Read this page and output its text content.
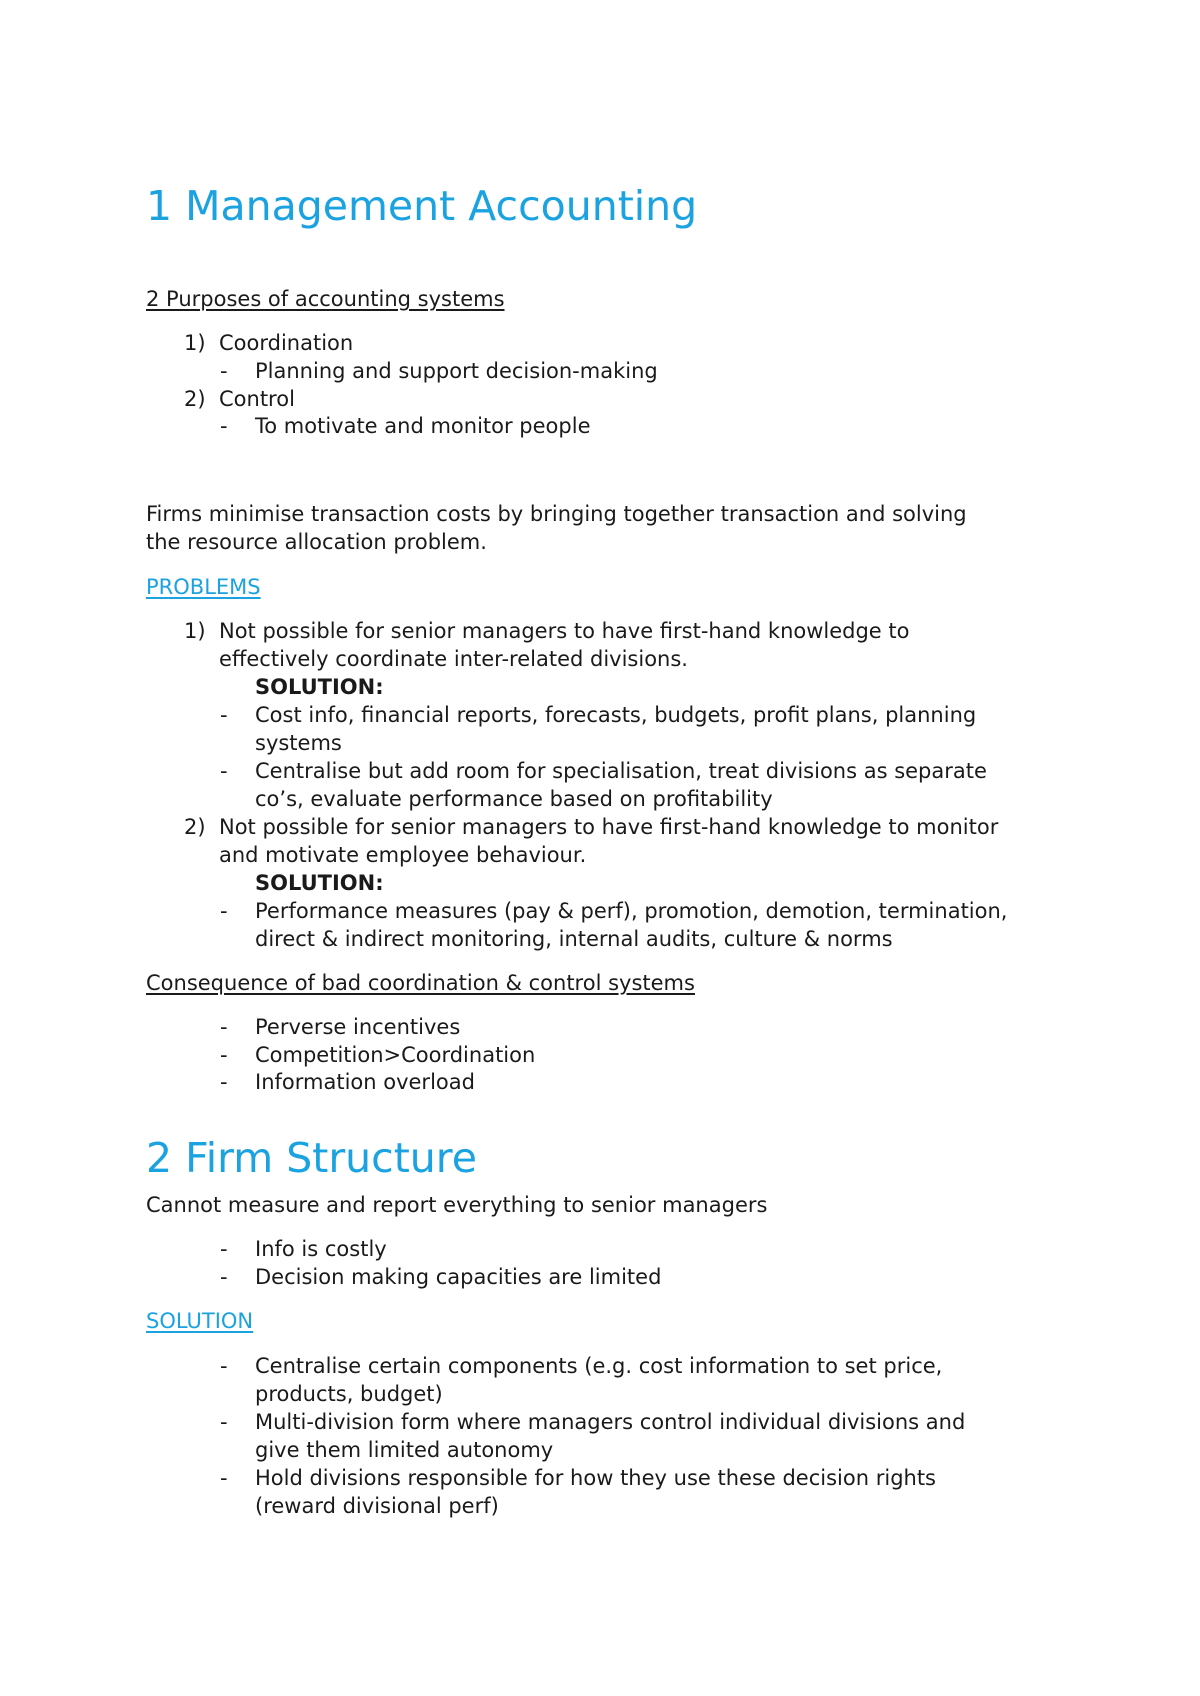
1 Management Accounting

2 Purposes of accounting systems

1) Coordination
- Planning and support decision-making
2) Control
- To motivate and monitor people

Firms minimise transaction costs by bringing together transaction and solving

the resource allocation problem.

PROBLEMS

1) Not possible for senior managers to have first-hand knowledge to
effectively coordinate inter-related divisions.
SOLUTION:
- Cost info, financial reports, forecasts, budgets, profit plans, planning
systems
- Centralise but add room for specialisation, treat divisions as separate
co’s, evaluate performance based on profitability
2) Not possible for senior managers to have first-hand knowledge to monitor
and motivate employee behaviour.
SOLUTION:
- Performance measures (pay & perf), promotion, demotion, termination,
direct & indirect monitoring, internal audits, culture & norms

Consequence of bad coordination & control systems

- Perverse incentives
- Competition>Coordination
- Information overload
2 Firm Structure

Cannot measure and report everything to senior managers

- Info is costly
- Decision making capacities are limited

SOLUTION

- Centralise certain components (e.g. cost information to set price,
products, budget)
- Multi-division form where managers control individual divisions and
give them limited autonomy
- Hold divisions responsible for how they use these decision rights
(reward divisional perf)
